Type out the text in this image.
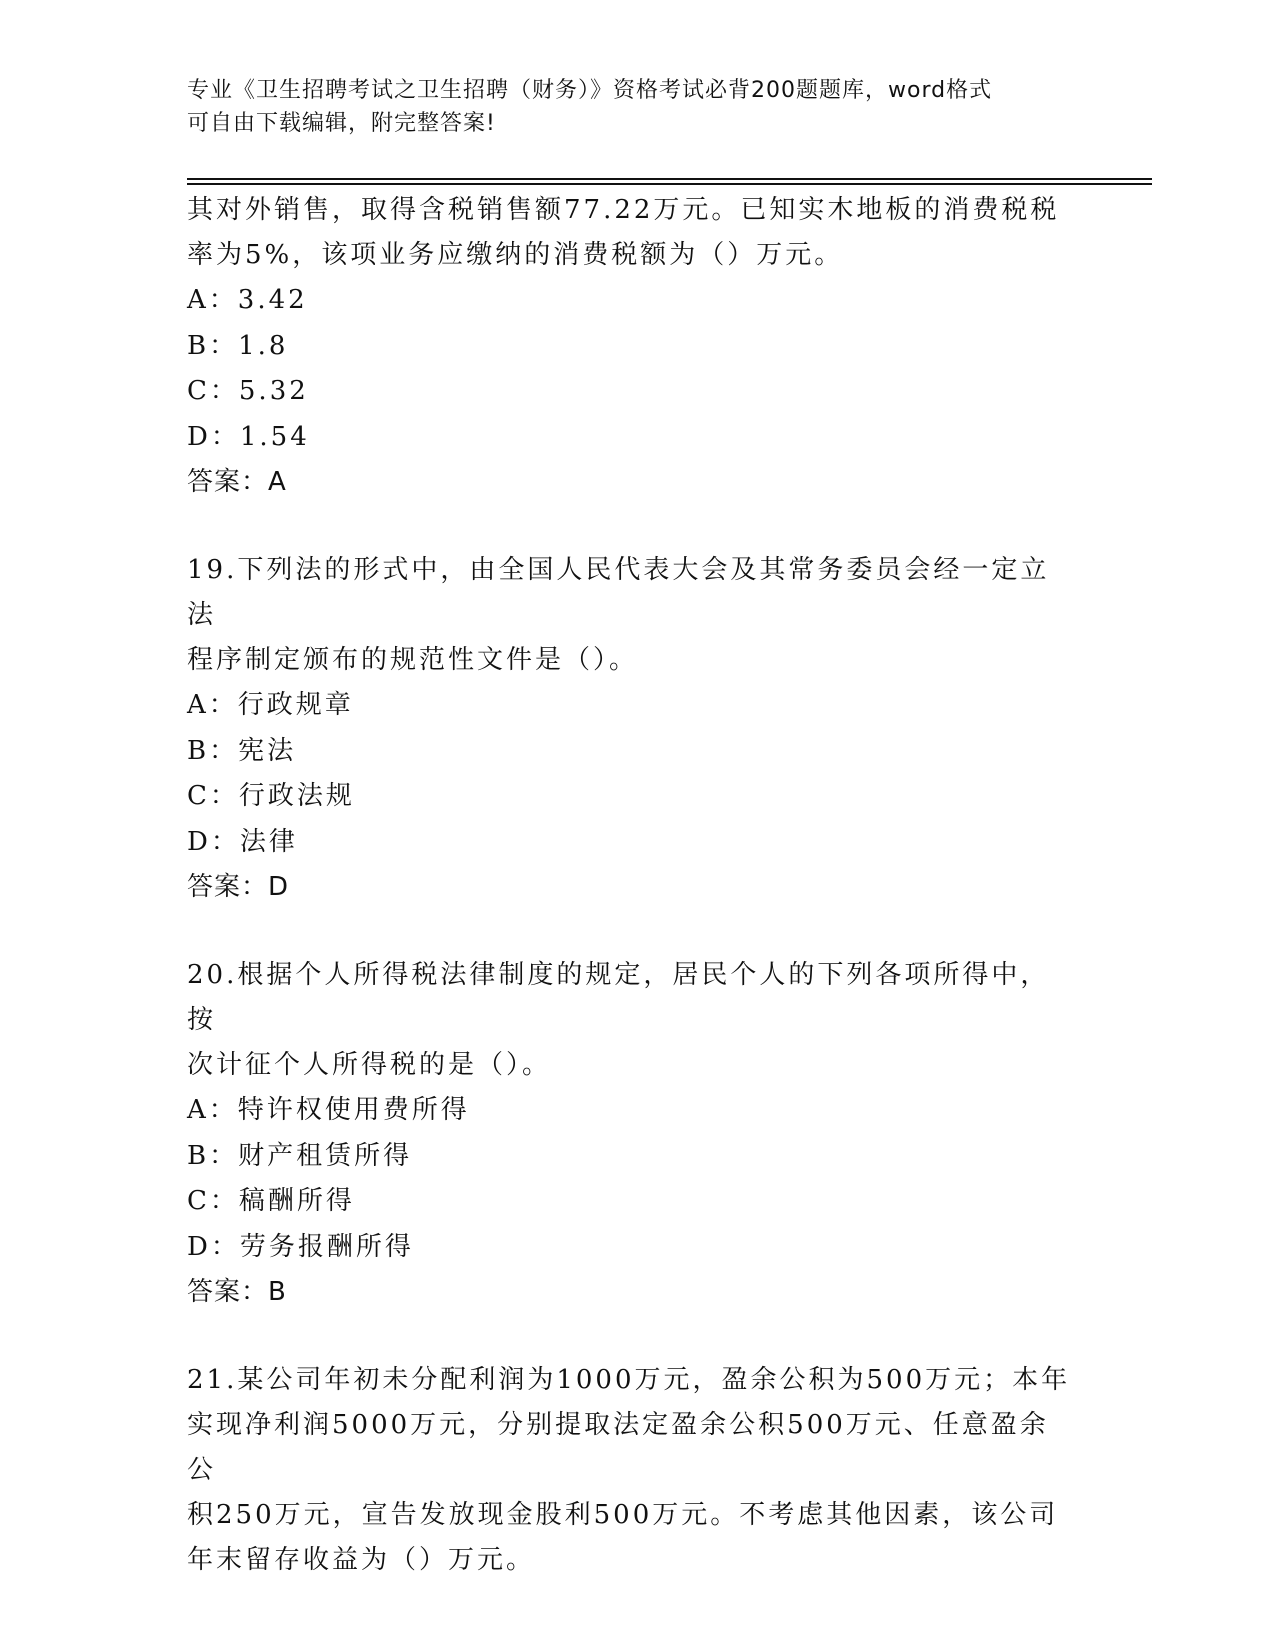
专业《卫生招聘考试之卫生招聘（财务）》资格考试必背200题题库，word格式
可自由下载编辑，附完整答案!
其对外销售，取得含税销售额77.22万元。已知实木地板的消费税税
率为5%，该项业务应缴纳的消费税额为（）万元。
A：3.42
B：1.8
C：5.32
D：1.54
答案：A
19.下列法的形式中，由全国人民代表大会及其常务委员会经一定立法
程序制定颁布的规范性文件是（）。
A：行政规章
B：宪法
C：行政法规
D：法律
答案：D
20.根据个人所得税法律制度的规定，居民个人的下列各项所得中，按
次计征个人所得税的是（）。
A：特许权使用费所得
B：财产租赁所得
C：稿酬所得
D：劳务报酬所得
答案：B
21.某公司年初未分配利润为1000万元，盈余公积为500万元；本年
实现净利润5000万元，分别提取法定盈余公积500万元、任意盈余公
积250万元，宣告发放现金股利500万元。不考虑其他因素，该公司
年末留存收益为（）万元。
